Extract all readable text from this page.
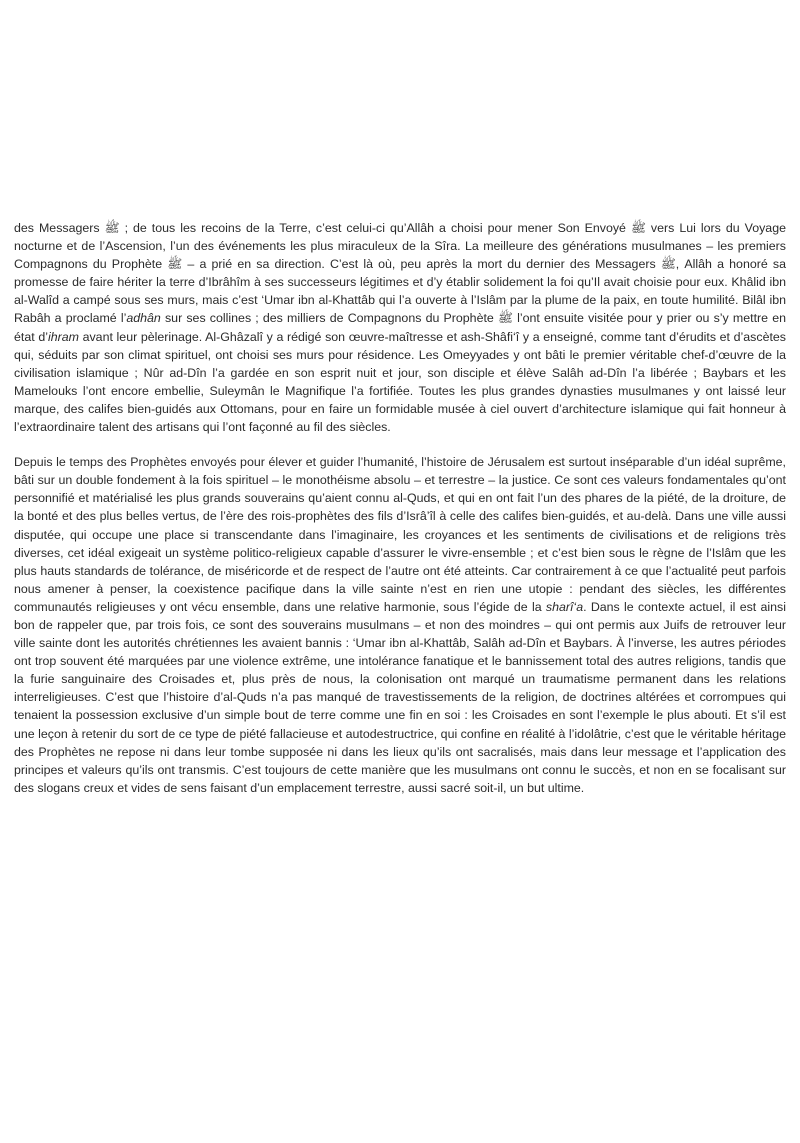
des Messagers ﷺ ; de tous les recoins de la Terre, c’est celui-ci qu’Allâh a choisi pour mener Son Envoyé ﷺ vers Lui lors du Voyage nocturne et de l’Ascension, l’un des événements les plus miraculeux de la Sîra. La meilleure des générations musulmanes – les premiers Compagnons du Prophète ﷺ – a prié en sa direction. C’est là où, peu après la mort du dernier des Messagers ﷺ, Allâh a honoré sa promesse de faire hériter la terre d’Ibrâhîm à ses successeurs légitimes et d’y établir solidement la foi qu’Il avait choisie pour eux. Khâlid ibn al-Walîd a campé sous ses murs, mais c’est ‘Umar ibn al-Khattâb qui l’a ouverte à l’Islâm par la plume de la paix, en toute humilité. Bilâl ibn Rabâh a proclamé l’adhân sur ses collines ; des milliers de Compagnons du Prophète ﷺ l’ont ensuite visitée pour y prier ou s’y mettre en état d’ihram avant leur pèlerinage. Al-Ghâzalî y a rédigé son œuvre-maîtresse et ash-Shâfi‘î y a enseigné, comme tant d’érudits et d’ascètes qui, séduits par son climat spirituel, ont choisi ses murs pour résidence. Les Omeyyades y ont bâti le premier véritable chef-d’œuvre de la civilisation islamique ; Nûr ad-Dîn l’a gardée en son esprit nuit et jour, son disciple et élève Salâh ad-Dîn l’a libérée ; Baybars et les Mamelouks l’ont encore embellie, Suleymân le Magnifique l’a fortifiée. Toutes les plus grandes dynasties musulmanes y ont laissé leur marque, des califes bien-guidés aux Ottomans, pour en faire un formidable musée à ciel ouvert d’architecture islamique qui fait honneur à l’extraordinaire talent des artisans qui l’ont façonné au fil des siècles.

Depuis le temps des Prophètes envoyés pour élever et guider l’humanité, l’histoire de Jérusalem est surtout inséparable d’un idéal suprême, bâti sur un double fondement à la fois spirituel – le monothéisme absolu – et terrestre – la justice. Ce sont ces valeurs fondamentales qu’ont personnifié et matérialisé les plus grands souverains qu’aient connu al-Quds, et qui en ont fait l’un des phares de la piété, de la droiture, de la bonté et des plus belles vertus, de l’ère des rois-prophètes des fils d’Isrâ’îl à celle des califes bien-guidés, et au-delà. Dans une ville aussi disputée, qui occupe une place si transcendante dans l’imaginaire, les croyances et les sentiments de civilisations et de religions très diverses, cet idéal exigeait un système politico-religieux capable d’assurer le vivre-ensemble ; et c’est bien sous le règne de l’Islâm que les plus hauts standards de tolérance, de miséricorde et de respect de l’autre ont été atteints. Car contrairement à ce que l’actualité peut parfois nous amener à penser, la coexistence pacifique dans la ville sainte n’est en rien une utopie : pendant des siècles, les différentes communautés religieuses y ont vécu ensemble, dans une relative harmonie, sous l’égide de la sharî‘a. Dans le contexte actuel, il est ainsi bon de rappeler que, par trois fois, ce sont des souverains musulmans – et non des moindres – qui ont permis aux Juifs de retrouver leur ville sainte dont les autorités chrétiennes les avaient bannis : ‘Umar ibn al-Khattâb, Salâh ad-Dîn et Baybars. À l’inverse, les autres périodes ont trop souvent été marquées par une violence extrême, une intolérance fanatique et le bannissement total des autres religions, tandis que la furie sanguinaire des Croisades et, plus près de nous, la colonisation ont marqué un traumatisme permanent dans les relations interreligieuses. C’est que l’histoire d’al-Quds n’a pas manqué de travestissements de la religion, de doctrines altérées et corrompues qui tenaient la possession exclusive d’un simple bout de terre comme une fin en soi : les Croisades en sont l’exemple le plus abouti. Et s’il est une leçon à retenir du sort de ce type de piété fallacieuse et autodestructrice, qui confine en réalité à l’idolâtrie, c’est que le véritable héritage des Prophètes ne repose ni dans leur tombe supposée ni dans les lieux qu’ils ont sacralisés, mais dans leur message et l’application des principes et valeurs qu’ils ont transmis. C’est toujours de cette manière que les musulmans ont connu le succès, et non en se focalisant sur des slogans creux et vides de sens faisant d’un emplacement terrestre, aussi sacré soit-il, un but ultime.
